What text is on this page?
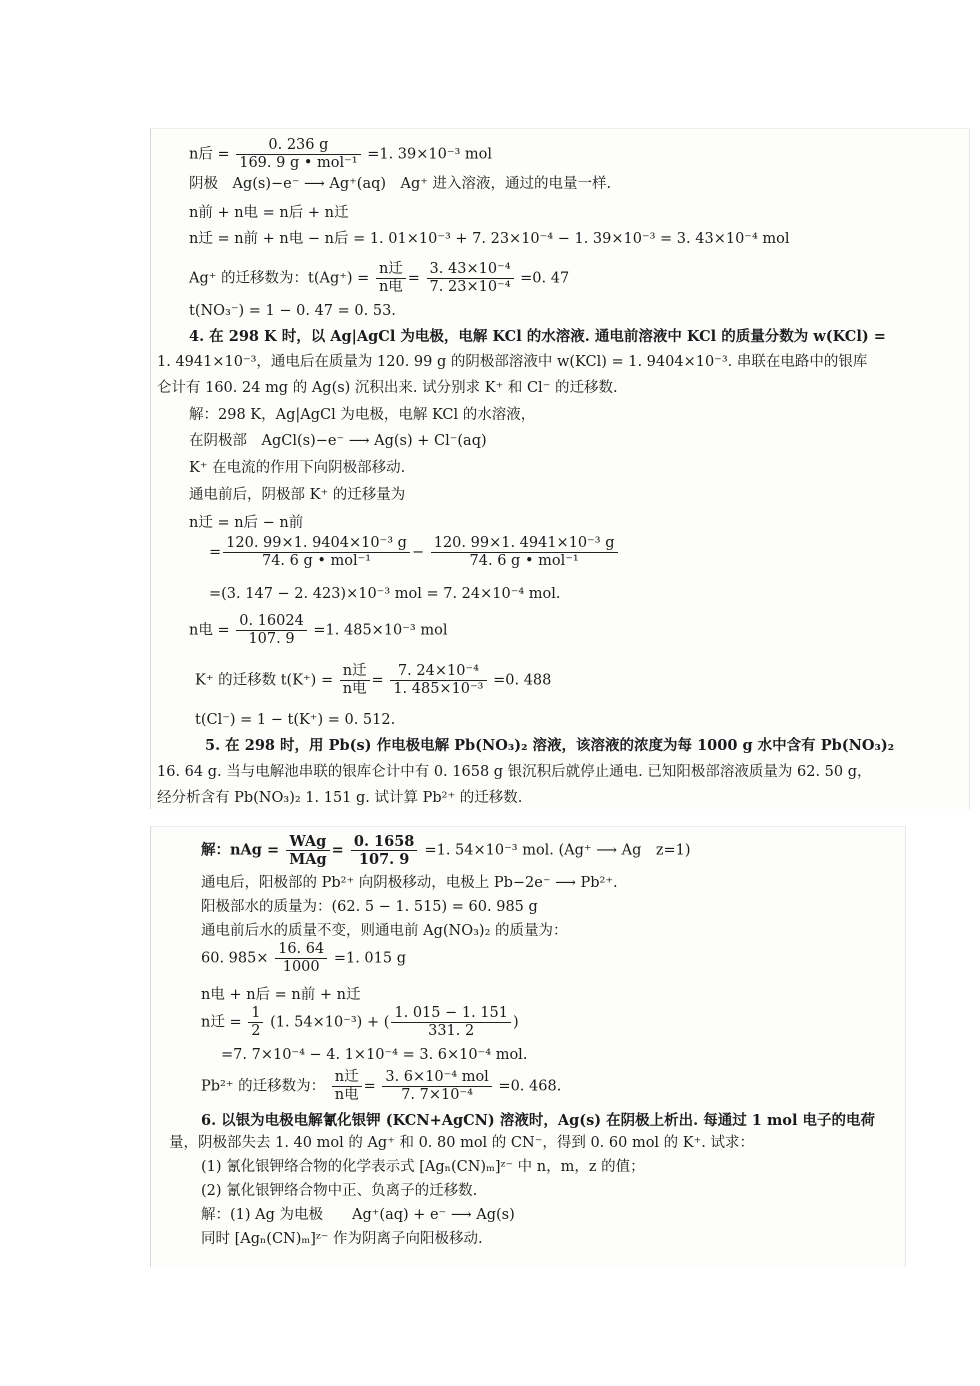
n后 = $\frac{0. 236 g}{\text{169. 9 g • mol⁻¹}} =1$. 39×10⁻³ mol
阴极　Ag(s)−e⁻ ⟶ Ag⁺(aq)　Ag⁺ 进入溶液，通过的电量一样.
n前 + n电 = n后 + n迁
n迁 = n前 + n电 − n后 = 1. 01×10⁻³ + 7. 23×10⁻⁴ − 1. 39×10⁻³ = 3. 43×10⁻⁴ mol
Ag⁺ 的迁移数为：$t(Ag^+) = \frac{\text{n迁}}{\text{n电}} = \frac{\text{3. 43×10⁻⁴}}{\text{7. 23×10⁻⁴}} =0$. 47
t(NO₃⁻) = 1 − 0. 47 = 0. 53.
4. 在 298 K 时，以 Ag|AgCl 为电极，电解 KCl 的水溶液. 通电前溶液中 KCl 的质量分数为 w(KCl) =
1. 4941×10⁻³，通电后在质量为 120. 99 g 的阴极部溶液中 w(KCl) = 1. 9404×10⁻³. 串联在电路中的银库
仑计有 160. 24 mg 的 Ag(s) 沉积出来. 试分别求 K⁺ 和 Cl⁻ 的迁移数.
解：298 K，Ag|AgCl 为电极，电解 KCl 的水溶液，
在阴极部　AgCl(s)−e⁻ ⟶ Ag(s) + Cl⁻(aq)
K⁺ 在电流的作用下向阴极部移动.
通电前后，阴极部 K⁺ 的迁移量为
n迁 = n后 − n前
= $\frac{\text{120. 99×1. 9404×10⁻³ g}}{\text{74. 6 g • mol⁻¹}} - \frac{\text{120. 99×1. 4941×10⁻³ g}}{\text{74. 6 g • mol⁻¹}}$
=(3. 147 − 2. 423)×10⁻³ mol = 7. 24×10⁻⁴ mol.
n电 = $\frac{0. 16024}{107. 9} =1$. 485×10⁻³ mol
K⁺ 的迁移数 $t(K^+) = \frac{\text{n迁}}{\text{n电}} = \frac{\text{7. 24×10⁻⁴}}{\text{1. 485×10⁻³}} =0$. 488
t(Cl⁻) = 1 − t(K⁺) = 0. 512.
5. 在 298 时，用 Pb(s) 作电极电解 Pb(NO₃)₂ 溶液，该溶液的浓度为每 1000 g 水中含有 Pb(NO₃)₂
16. 64 g. 当与电解池串联的银库仑计中有 0. 1658 g 银沉积后就停止通电. 已知阳极部溶液质量为 62. 50 g，
经分析含有 Pb(NO₃)₂ 1. 151 g. 试计算 Pb²⁺ 的迁移数.
解：nAg = $\frac{\text{WAg}}{\text{MAg}} = \frac{0. 1658}{107. 9} =1$. 54×10⁻³ mol. (Ag⁺ ⟶ Ag　z=1)
通电后，阳极部的 Pb²⁺ 向阴极移动，电极上 Pb−2e⁻ ⟶ Pb²⁺.
阳极部水的质量为：(62. 5 − 1. 515) = 60. 985 g
通电前后水的质量不变，则通电前 Ag(NO₃)₂ 的质量为：
60. $985\times \frac{16. 64}{1000} =1$. 015 g
n电 + n后 = n前 + n迁
n迁 = $\frac{1}{2} (1$. 54×10⁻³) + ( $\frac{1. 015 - 1. 151}{331. 2}$ )
=7. 7×10⁻⁴ − 4. 1×10⁻⁴ = 3. 6×10⁻⁴ mol.
Pb²⁺ 的迁移数为： $\frac{\text{n迁}}{\text{n电}} = \frac{\text{3. 6×10⁻⁴ mol}}{\text{7. 7×10⁻⁴}} =0$. 468.
6. 以银为电极电解氰化银钾 (KCN+AgCN) 溶液时，Ag(s) 在阴极上析出. 每通过 1 mol 电子的电荷
量，阴极部失去 1. 40 mol 的 Ag⁺ 和 0. 80 mol 的 CN⁻，得到 0. 60 mol 的 K⁺. 试求：
(1) 氰化银钾络合物的化学表示式 [Agₙ(CN)ₘ]ᶻ⁻ 中 n，m，z 的值；
(2) 氰化银钾络合物中正、负离子的迁移数.
解：(1) Ag 为电极　　Ag⁺(aq) + e⁻ ⟶ Ag(s)
同时 [Agₙ(CN)ₘ]ᶻ⁻ 作为阴离子向阳极移动.
